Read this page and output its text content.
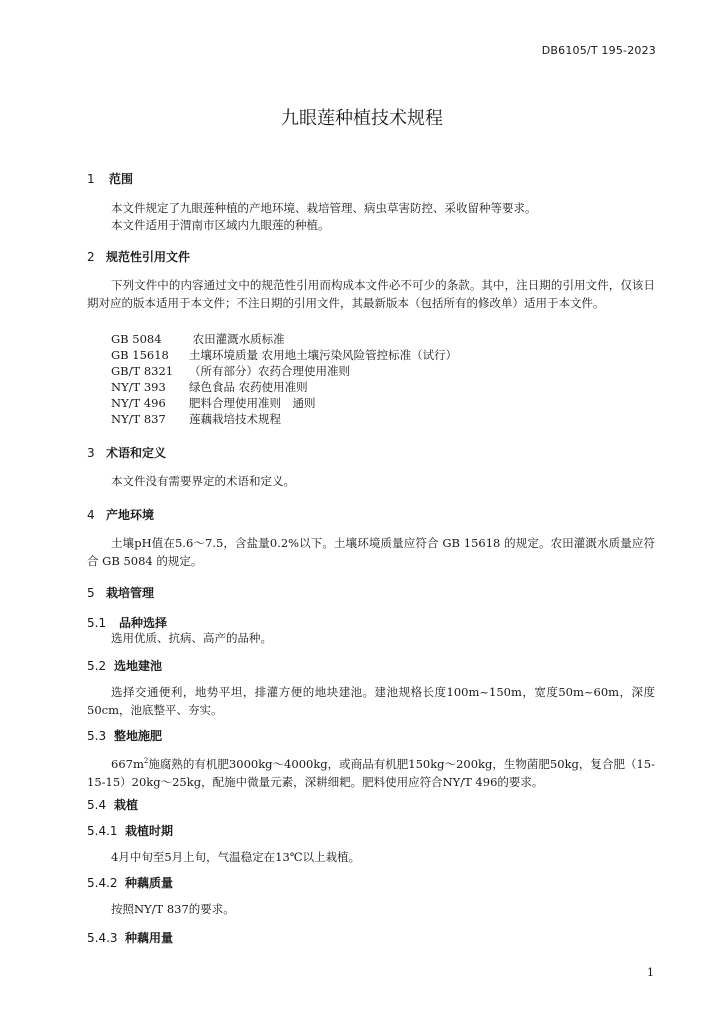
DB6105/T 195-2023
九眼莲种植技术规程
1 范围

本文件规定了九眼莲种植的产地环境、栽培管理、病虫草害防控、采收留种等要求。

本文件适用于渭南市区域内九眼莲的种植。

2 规范性引用文件

下列文件中的内容通过文中的规范性引用而构成本文件必不可少的条款。其中，注日期的引用文件，仅该日期对应的版本适用于本文件；不注日期的引用文件，其最新版本（包括所有的修改单）适用于本文件。

GB 5084 农田灌溉水质标准

GB 15618 土壤环境质量 农用地土壤污染风险管控标准（试行）

GB/T 8321 （所有部分）农药合理使用准则

NY/T 393 绿色食品 农药使用准则

NY/T 496 肥料合理使用准则　通则

NY/T 837 莲藕栽培技术规程

3 术语和定义

本文件没有需要界定的术语和定义。

4 产地环境

土壤pH值在5.6～7.5，含盐量0.2%以下。土壤环境质量应符合 GB 15618 的规定。农田灌溉水质量应符合 GB 5084 的规定。

5 栽培管理
5.1 品种选择

选用优质、抗病、高产的品种。

5.2 选地建池

选择交通便利，地势平坦，排灌方便的地块建池。建池规格长度100m~150m，宽度50m~60m，深度50cm，池底整平、夯实。

5.3 整地施肥

$667m^2$施腐熟的有机肥3000kg～4000kg，或商品有机肥150kg～200kg，生物菌肥50kg，复合肥（15-15-15）20kg～25kg，配施中微量元素，深耕细耙。肥料使用应符合NY/T 496的要求。

5.4 栽植
5.4.1 栽植时期

4月中旬至5月上旬，气温稳定在13℃以上栽植。

5.4.2 种藕质量

按照NY/T 837的要求。

5.4.3 种藕用量
1
